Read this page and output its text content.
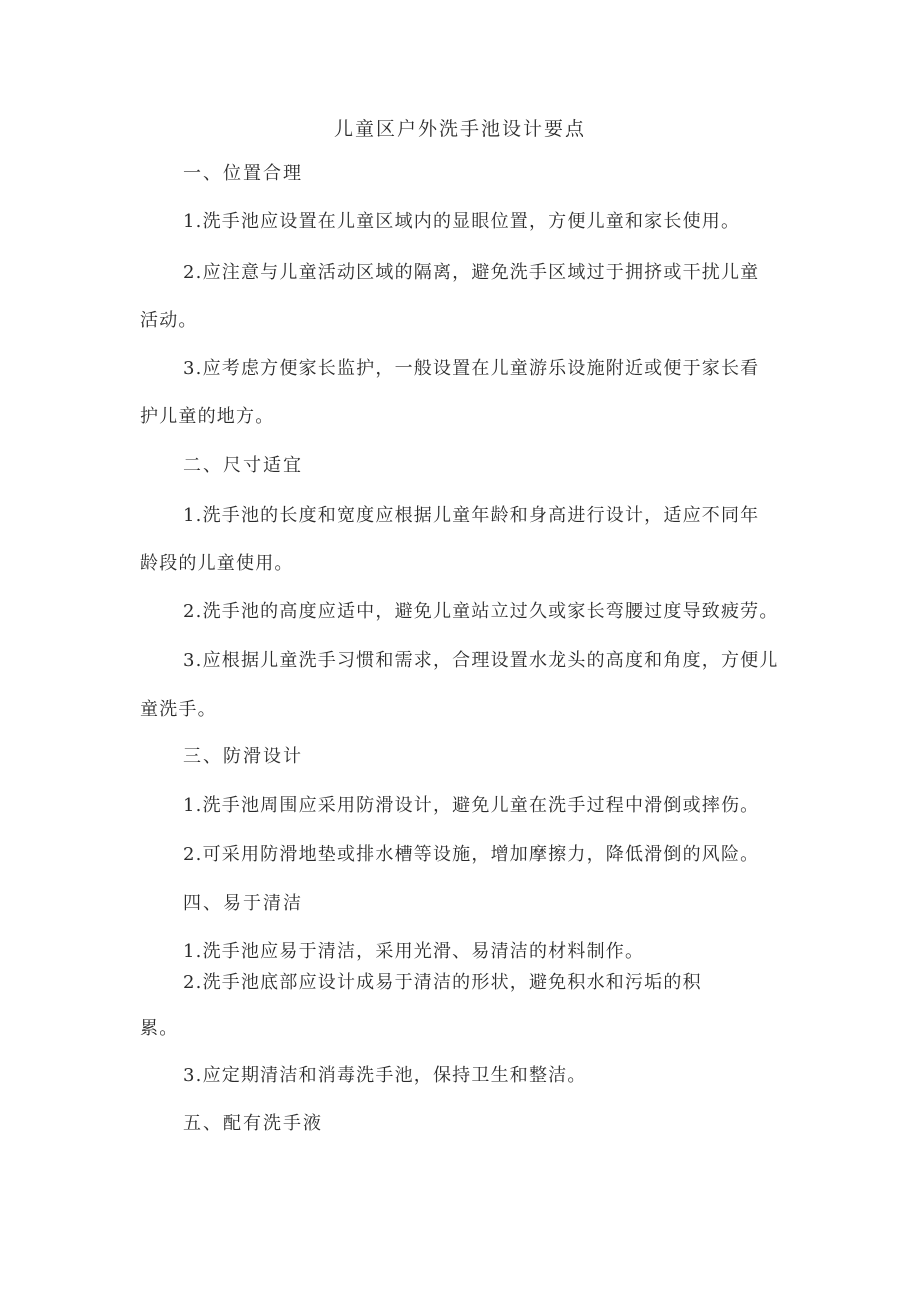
儿童区户外洗手池设计要点

一、位置合理

1.洗手池应设置在儿童区域内的显眼位置，方便儿童和家长使用。

2.应注意与儿童活动区域的隔离，避免洗手区域过于拥挤或干扰儿童

活动。

3.应考虑方便家长监护，一般设置在儿童游乐设施附近或便于家长看

护儿童的地方。

二、尺寸适宜

1.洗手池的长度和宽度应根据儿童年龄和身高进行设计，适应不同年

龄段的儿童使用。

2.洗手池的高度应适中，避免儿童站立过久或家长弯腰过度导致疲劳。

3.应根据儿童洗手习惯和需求，合理设置水龙头的高度和角度，方便儿

童洗手。

三、防滑设计

1.洗手池周围应采用防滑设计，避免儿童在洗手过程中滑倒或摔伤。

2.可采用防滑地垫或排水槽等设施，增加摩擦力，降低滑倒的风险。

四、易于清洁

1.洗手池应易于清洁，采用光滑、易清洁的材料制作。

2.洗手池底部应设计成易于清洁的形状，避免积水和污垢的积

累。

3.应定期清洁和消毒洗手池，保持卫生和整洁。

五、配有洗手液
